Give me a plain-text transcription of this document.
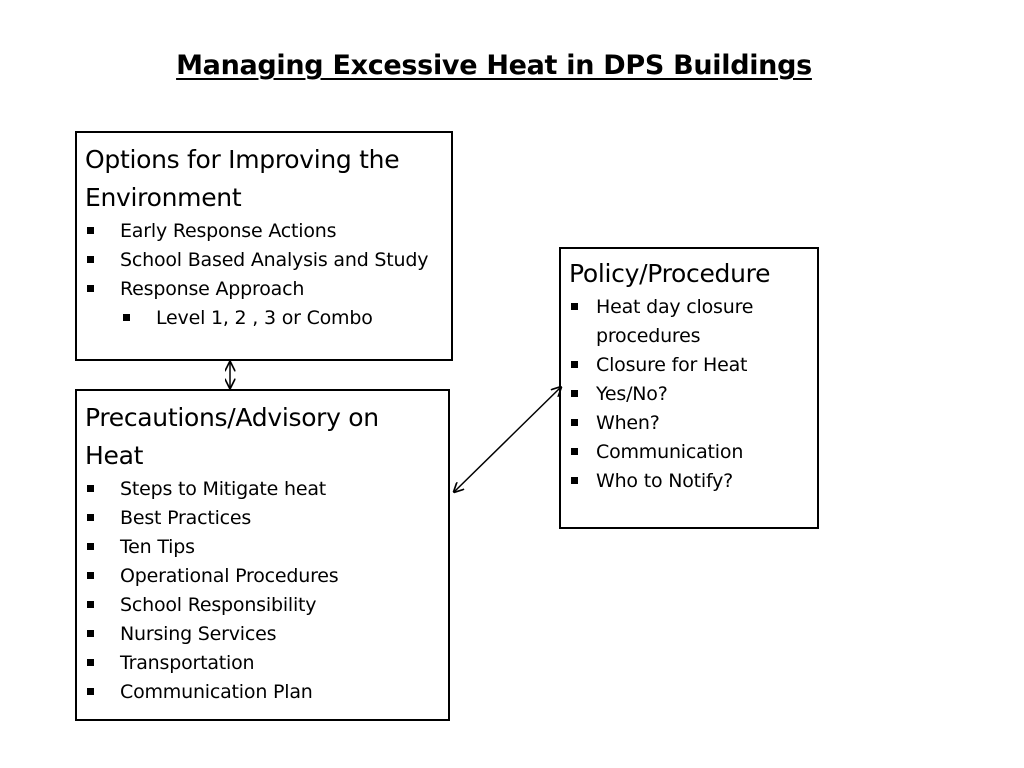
Managing Excessive Heat in DPS Buildings
Options for Improving the Environment
Early Response Actions
School Based Analysis and Study
Response Approach
Level 1, 2 , 3 or Combo
Precautions/Advisory on Heat
Steps to Mitigate heat
Best Practices
Ten Tips
Operational Procedures
School Responsibility
Nursing Services
Transportation
Communication Plan
Policy/Procedure
Heat day closure procedures
Closure for Heat
Yes/No?
When?
Communication
Who to Notify?
